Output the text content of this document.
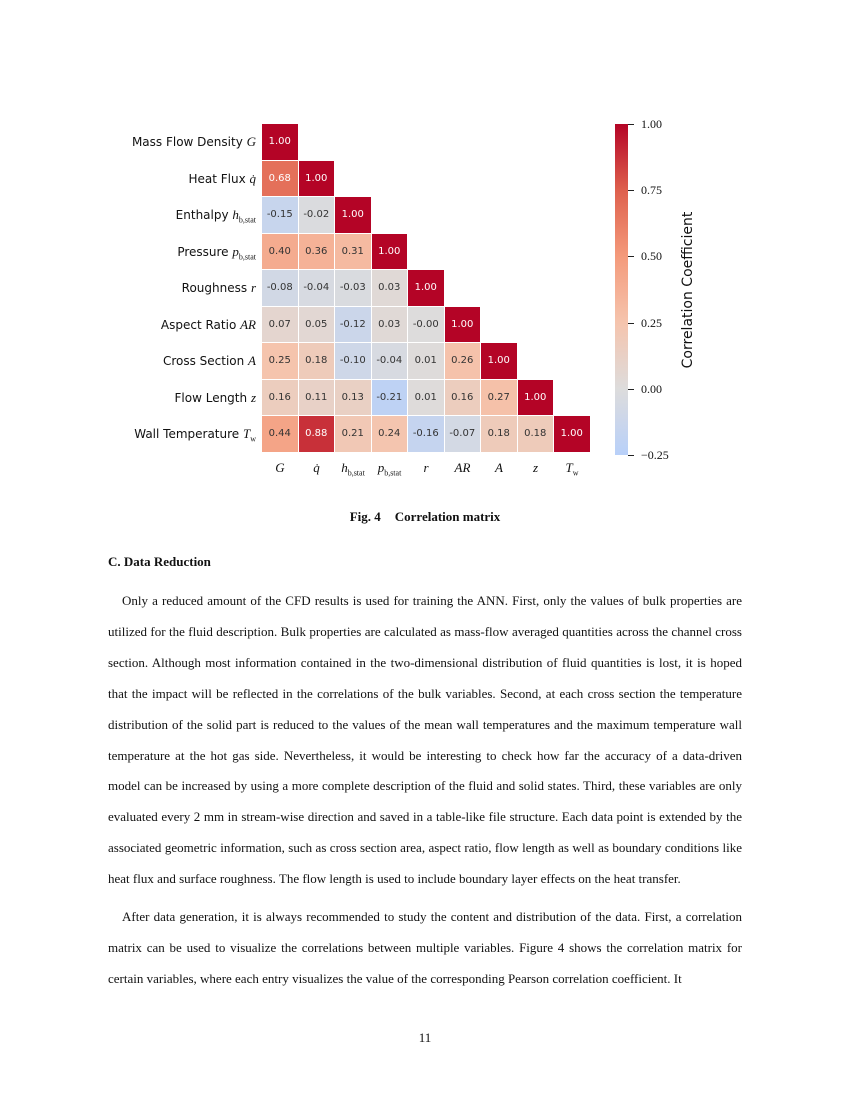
Mass Flow Density G
G
Heat Flux q̇
q̇
Enthalpy $h_{b,stat}$
$h_{b,stat}$
Pressure $p_{b,stat}$
$p_{b,stat}$
Roughness r
r
Aspect Ratio AR
AR
Cross Section A
A
Flow Length z
z
Wall Temperature $T_w$
$T_w$
1.00
0.68	1.00
-0.15	-0.02	1.00
0.40	0.36	0.31	1.00
-0.08	-0.04	-0.03	0.03	1.00
0.07	0.05	-0.12	0.03	-0.00	1.00
0.25	0.18	-0.10	-0.04	0.01	0.26	1.00
0.16	0.11	0.13	-0.21	0.01	0.16	0.27	1.00
0.44	0.88	0.21	0.24	-0.16	-0.07	0.18	0.18	1.00
1.00
0.75
0.50
0.25
0.00
−0.25
Correlation Coefficient
Fig. 4 Correlation matrix
C. Data Reduction

Only a reduced amount of the CFD results is used for training the ANN. First, only the values of bulk properties are utilized for the fluid description. Bulk properties are calculated as mass-flow averaged quantities across the channel cross section. Although most information contained in the two-dimensional distribution of fluid quantities is lost, it is hoped that the impact will be reflected in the correlations of the bulk variables. Second, at each cross section the temperature distribution of the solid part is reduced to the values of the mean wall temperatures and the maximum temperature wall temperature at the hot gas side. Nevertheless, it would be interesting to check how far the accuracy of a data-driven model can be increased by using a more complete description of the fluid and solid states. Third, these variables are only evaluated every 2 mm in stream-wise direction and saved in a table-like file structure. Each data point is extended by the associated geometric information, such as cross section area, aspect ratio, flow length as well as boundary conditions like heat flux and surface roughness. The flow length is used to include boundary layer effects on the heat transfer.

After data generation, it is always recommended to study the content and distribution of the data. First, a correlation matrix can be used to visualize the correlations between multiple variables. Figure 4 shows the correlation matrix for certain variables, where each entry visualizes the value of the corresponding Pearson correlation coefficient. It

11
